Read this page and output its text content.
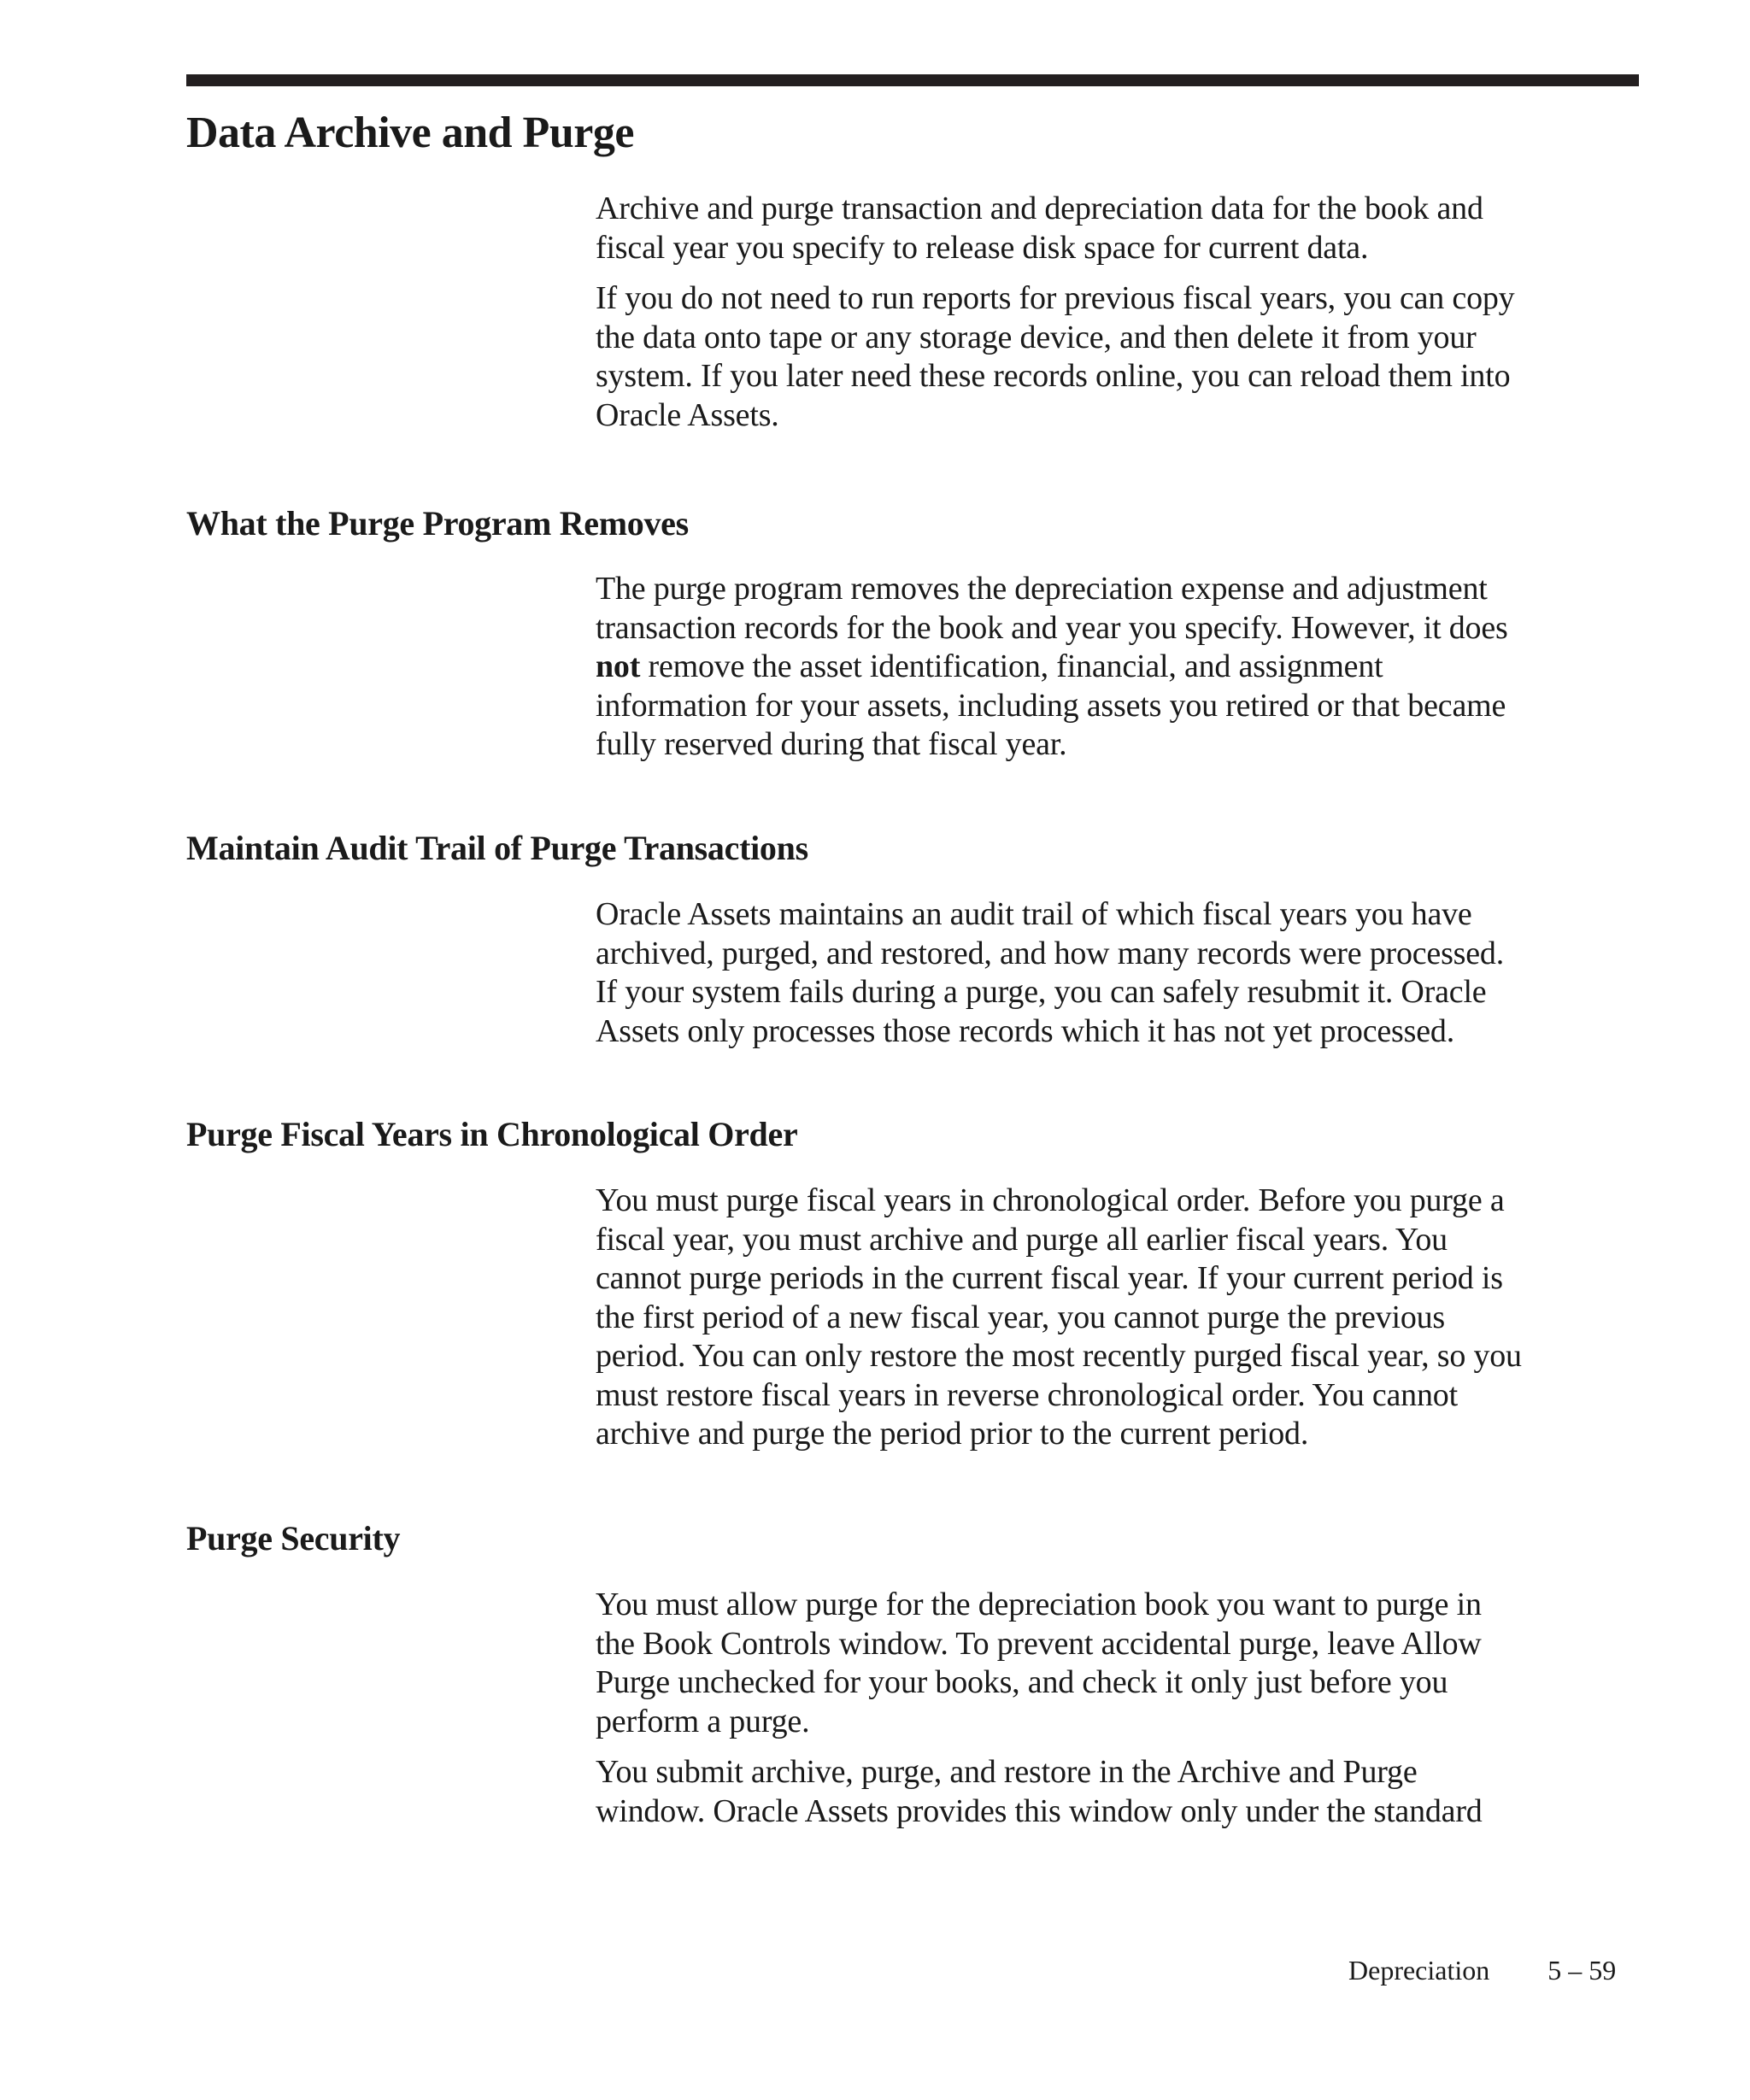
Data Archive and Purge

Archive and purge transaction and depreciation data for the book and
fiscal year you specify to release disk space for current data.

If you do not need to run reports for previous fiscal years, you can copy
the data onto tape or any storage device, and then delete it from your
system. If you later need these records online, you can reload them into
Oracle Assets.

What the Purge Program Removes

The purge program removes the depreciation expense and adjustment
transaction records for the book and year you specify. However, it does
not remove the asset identification, financial, and assignment
information for your assets, including assets you retired or that became
fully reserved during that fiscal year.

Maintain Audit Trail of Purge Transactions

Oracle Assets maintains an audit trail of which fiscal years you have
archived, purged, and restored, and how many records were processed.
If your system fails during a purge, you can safely resubmit it. Oracle
Assets only processes those records which it has not yet processed.

Purge Fiscal Years in Chronological Order

You must purge fiscal years in chronological order. Before you purge a
fiscal year, you must archive and purge all earlier fiscal years. You
cannot purge periods in the current fiscal year. If your current period is
the first period of a new fiscal year, you cannot purge the previous
period. You can only restore the most recently purged fiscal year, so you
must restore fiscal years in reverse chronological order. You cannot
archive and purge the period prior to the current period.

Purge Security

You must allow purge for the depreciation book you want to purge in
the Book Controls window. To prevent accidental purge, leave Allow
Purge unchecked for your books, and check it only just before you
perform a purge.

You submit archive, purge, and restore in the Archive and Purge
window. Oracle Assets provides this window only under the standard

Depreciation 5 – 59
